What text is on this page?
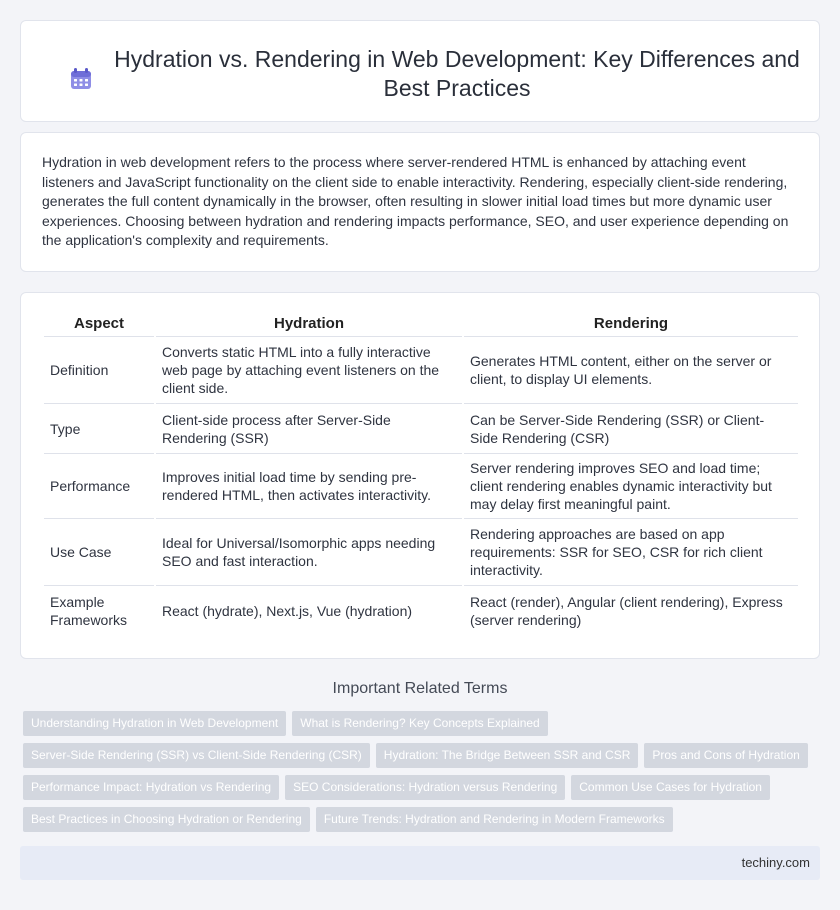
Hydration vs. Rendering in Web Development: Key Differences and Best Practices

Hydration in web development refers to the process where server-rendered HTML is enhanced by attaching event listeners and JavaScript functionality on the client side to enable interactivity. Rendering, especially client-side rendering, generates the full content dynamically in the browser, often resulting in slower initial load times but more dynamic user experiences. Choosing between hydration and rendering impacts performance, SEO, and user experience depending on the application's complexity and requirements.

Aspect	Hydration	Rendering
Definition	Converts static HTML into a fully interactive web page by attaching event listeners on the client side.	Generates HTML content, either on the server or client, to display UI elements.
Type	Client-side process after Server-Side Rendering (SSR)	Can be Server-Side Rendering (SSR) or Client-Side Rendering (CSR)
Performance	Improves initial load time by sending pre-rendered HTML, then activates interactivity.	Server rendering improves SEO and load time; client rendering enables dynamic interactivity but may delay first meaningful paint.
Use Case	Ideal for Universal/Isomorphic apps needing SEO and fast interaction.	Rendering approaches are based on app requirements: SSR for SEO, CSR for rich client interactivity.
Example Frameworks	React (hydrate), Next.js, Vue (hydration)	React (render), Angular (client rendering), Express (server rendering)
Important Related Terms
Understanding Hydration in Web Development	What is Rendering? Key Concepts Explained
Server-Side Rendering (SSR) vs Client-Side Rendering (CSR)	Hydration: The Bridge Between SSR and CSR	Pros and Cons of Hydration
Performance Impact: Hydration vs Rendering	SEO Considerations: Hydration versus Rendering	Common Use Cases for Hydration
Best Practices in Choosing Hydration or Rendering	Future Trends: Hydration and Rendering in Modern Frameworks
techiny.com
